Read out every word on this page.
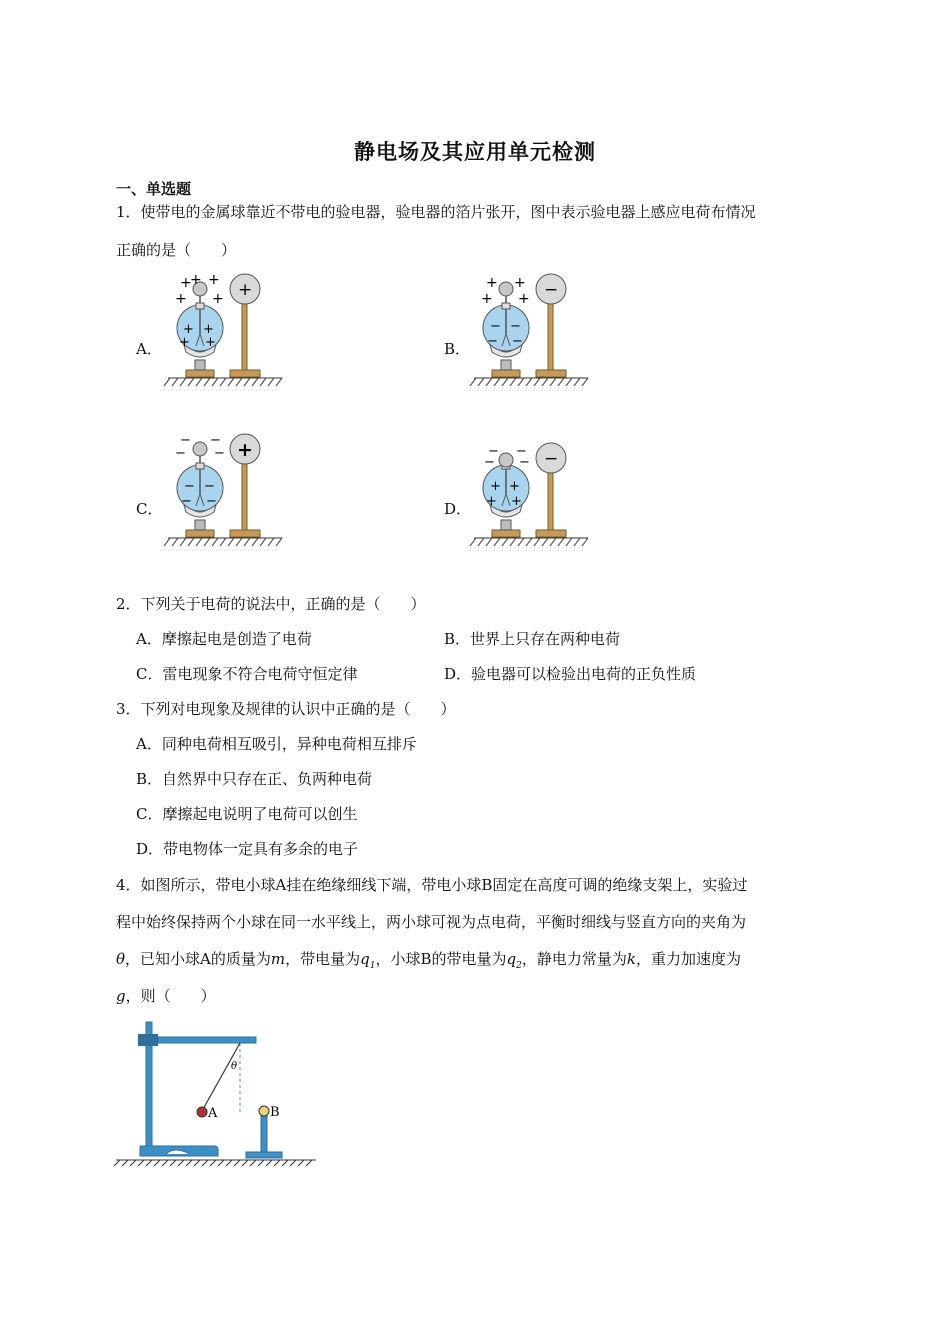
静电场及其应用单元检测
一、单选题
1．使带电的金属球靠近不带电的验电器，验电器的箔片张开，图中表示验电器上感应电荷布情况
正确的是（　　）
A．	B．
C．	D．
+
+ +
+ +
+ +
+ +
+	+ +
+ +
− −
− −
−
− −
− −
− −
− −
+	− −
− −
+ +
+ +
−
2．下列关于电荷的说法中，正确的是（　　）
A．摩擦起电是创造了电荷	B．世界上只存在两种电荷
C．雷电现象不符合电荷守恒定律	D．验电器可以检验出电荷的正负性质
3．下列对电现象及规律的认识中正确的是（　　）
A．同种电荷相互吸引，异种电荷相互排斥
B．自然界中只存在正、负两种电荷
C．摩擦起电说明了电荷可以创生
D．带电物体一定具有多余的电子
4．如图所示，带电小球A挂在绝缘细线下端，带电小球B固定在高度可调的绝缘支架上，实验过
程中始终保持两个小球在同一水平线上，两小球可视为点电荷，平衡时细线与竖直方向的夹角为
θ，已知小球A的质量为m，带电量为$q_1$，小球B的带电量为$q_2$，静电力常量为k，重力加速度为
g，则（　　）
θ
A	B
